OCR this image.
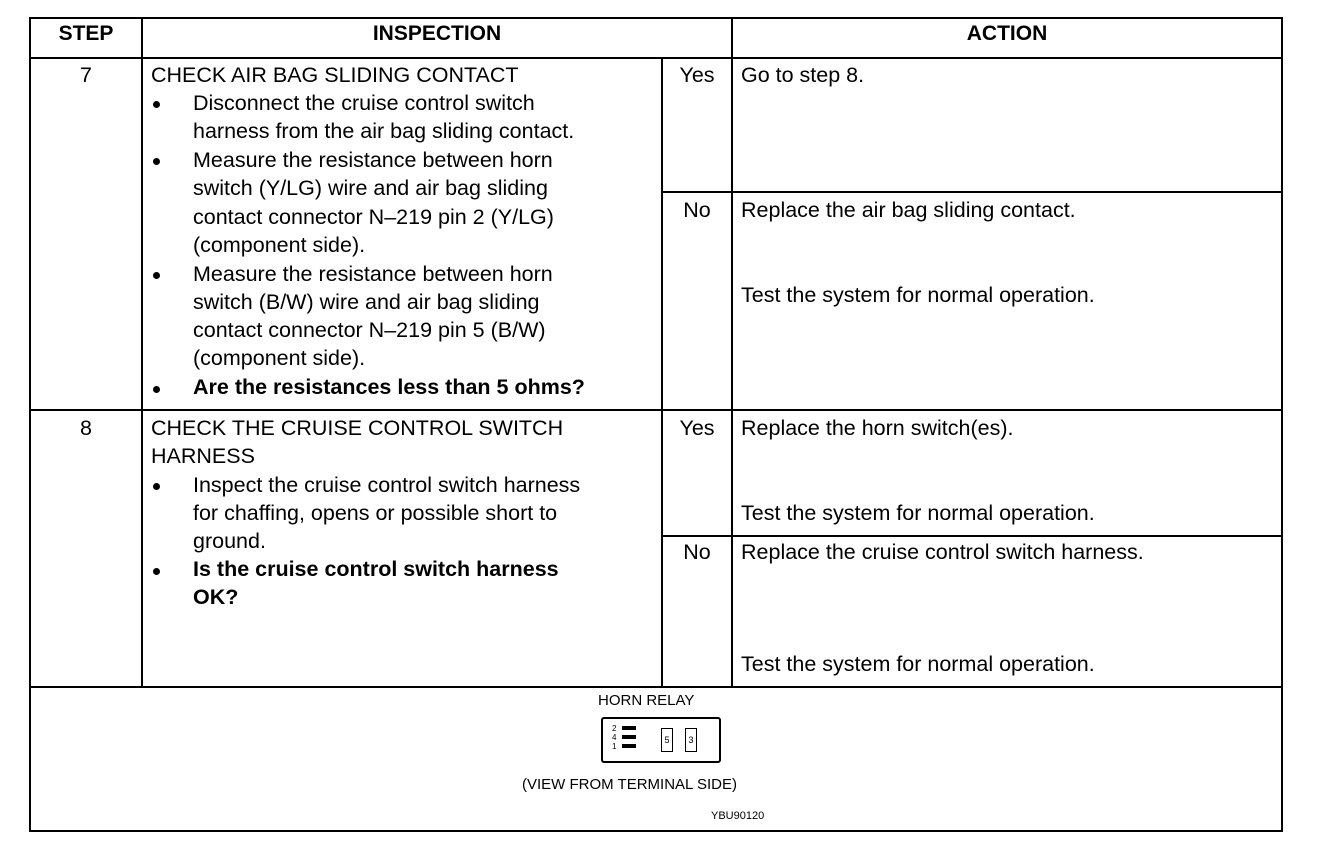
STEP	INSPECTION	ACTION
7	CHECK AIR BAG SLIDING CONTACT
Disconnect the cruise control switch
harness from the air bag sliding contact.
Measure the resistance between horn
switch (Y/LG) wire and air bag sliding
contact connector N–219 pin 2 (Y/LG)
(component side).
Measure the resistance between horn
switch (B/W) wire and air bag sliding
contact connector N–219 pin 5 (B/W)
(component side).
Are the resistances less than 5 ohms?
Yes	Go to step 8.
No	Replace the air bag sliding contact.
Test the system for normal operation.
8	CHECK THE CRUISE CONTROL SWITCH
HARNESS
Inspect the cruise control switch harness
for chaffing, opens or possible short to
ground.
Is the cruise control switch harness
OK?
Yes	Replace the horn switch(es).
Test the system for normal operation.
No	Replace the cruise control switch harness.
Test the system for normal operation.
HORN RELAY
2
4
1
5	3
(VIEW FROM TERMINAL SIDE)
YBU90120
